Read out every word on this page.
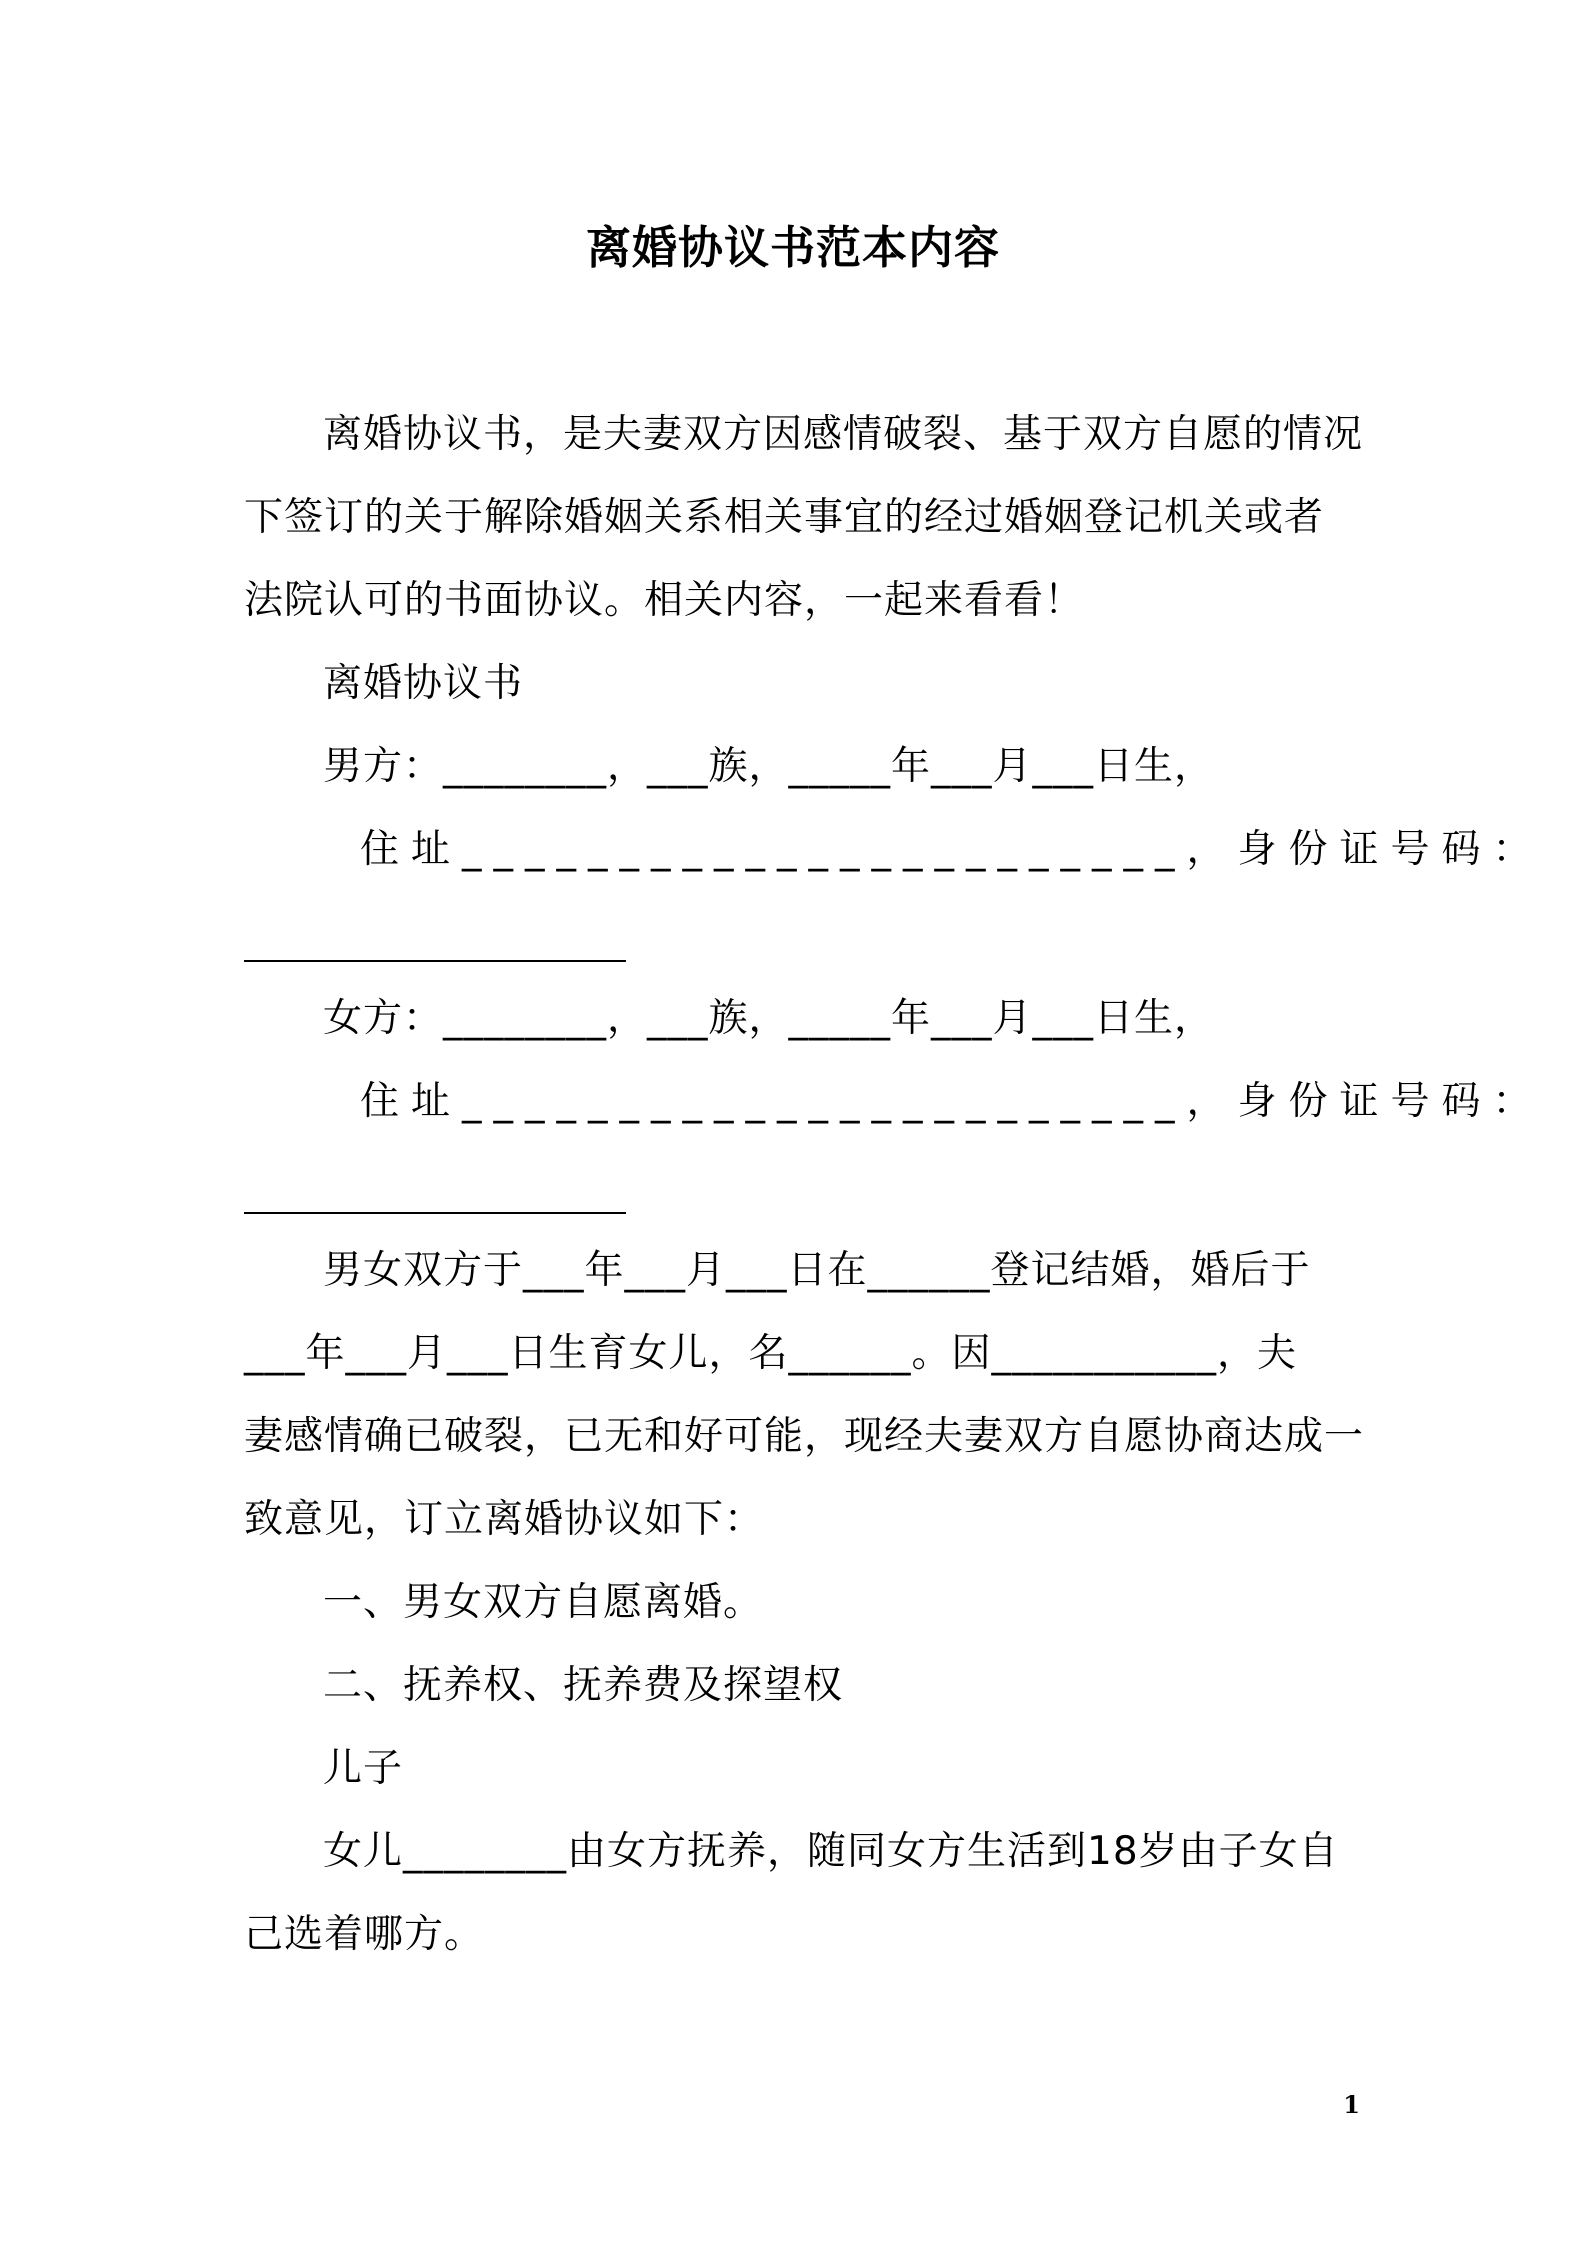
离婚协议书范本内容
离婚协议书，是夫妻双方因感情破裂、基于双方自愿的情况
下签订的关于解除婚姻关系相关事宜的经过婚姻登记机关或者
法院认可的书面协议。相关内容，一起来看看！
离婚协议书
男方：________，___族，_____年___月___日生，
住址_______________________，身份证号码：
女方：________，___族，_____年___月___日生，
住址_______________________，身份证号码：
男女双方于___年___月___日在______登记结婚，婚后于
___年___月___日生育女儿，名______。因___________，夫
妻感情确已破裂，已无和好可能，现经夫妻双方自愿协商达成一
致意见，订立离婚协议如下：
一、男女双方自愿离婚。
二、抚养权、抚养费及探望权
儿子
女儿________由女方抚养，随同女方生活到18岁由子女自
己选着哪方。
1
